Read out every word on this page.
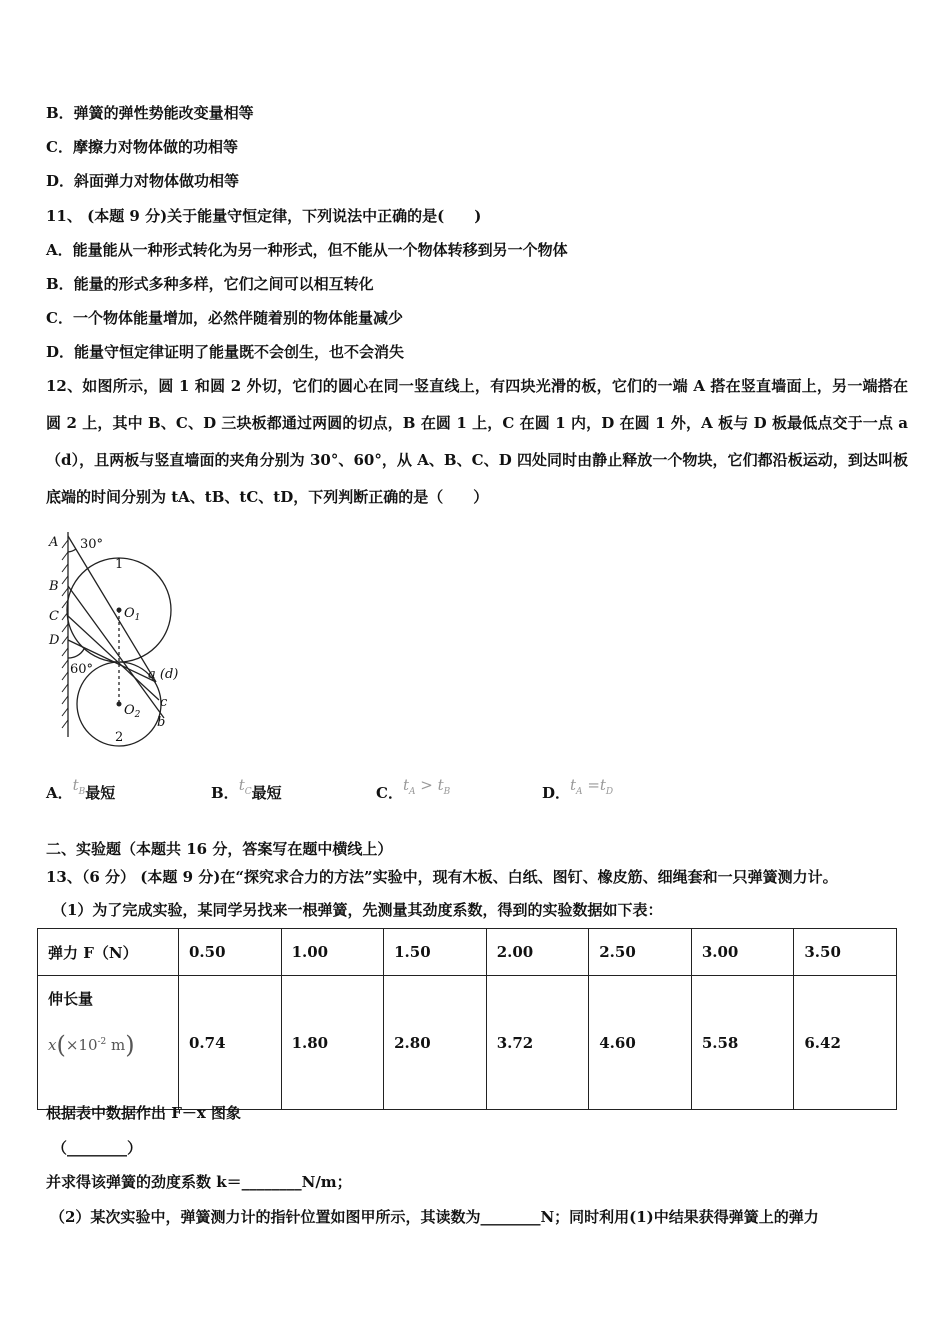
B．弹簧的弹性势能改变量相等
C．摩擦力对物体做的功相等
D．斜面弹力对物体做功相等
11、 (本题 9 分)关于能量守恒定律，下列说法中正确的是(　　)
A．能量能从一种形式转化为另一种形式，但不能从一个物体转移到另一个物体
B．能量的形式多种多样，它们之间可以相互转化
C．一个物体能量增加，必然伴随着别的物体能量减少
D．能量守恒定律证明了能量既不会创生，也不会消失
12、如图所示，圆 1 和圆 2 外切，它们的圆心在同一竖直线上，有四块光滑的板，它们的一端 A 搭在竖直墙面上，另一端搭在圆 2 上，其中 B、C、D 三块板都通过两圆的切点，B 在圆 1 上，C 在圆 1 内，D 在圆 1 外，A 板与 D 板最低点交于一点 a（d），且两板与竖直墙面的夹角分别为 30°、60°，从 A、B、C、D 四处同时由静止释放一个物块，它们都沿板运动，到达叫板底端的时间分别为 tA、tB、tC、tD，下列判断正确的是（　　）
A
B
C
D
$O_1$
$O_2$
a (d)
c
b
30°
60°
1
2
A．$t_B$最短	B．$t_C$最短	C．$t_A > t_B$	D．$t_A =t_D$
二、实验题（本题共 16 分，答案写在题中横线上）
13、（6 分） (本题 9 分)在“探究求合力的方法”实验中，现有木板、白纸、图钉、橡皮筋、细绳套和一只弹簧测力计。
（1）为了完成实验，某同学另找来一根弹簧，先测量其劲度系数，得到的实验数据如下表：
弹力 F（N）	0.50	1.00	1.50	2.00	2.50	3.00	3.50
伸长量
$x(\times 10^{-2}$ m)	0.74	1.80	2.80	3.72	4.60	5.58	6.42
根据表中数据作出 F－x 图象
（________）
并求得该弹簧的劲度系数 k＝________N/m；
（2）某次实验中，弹簧测力计的指针位置如图甲所示，其读数为________N；同时利用(1)中结果获得弹簧上的弹力
